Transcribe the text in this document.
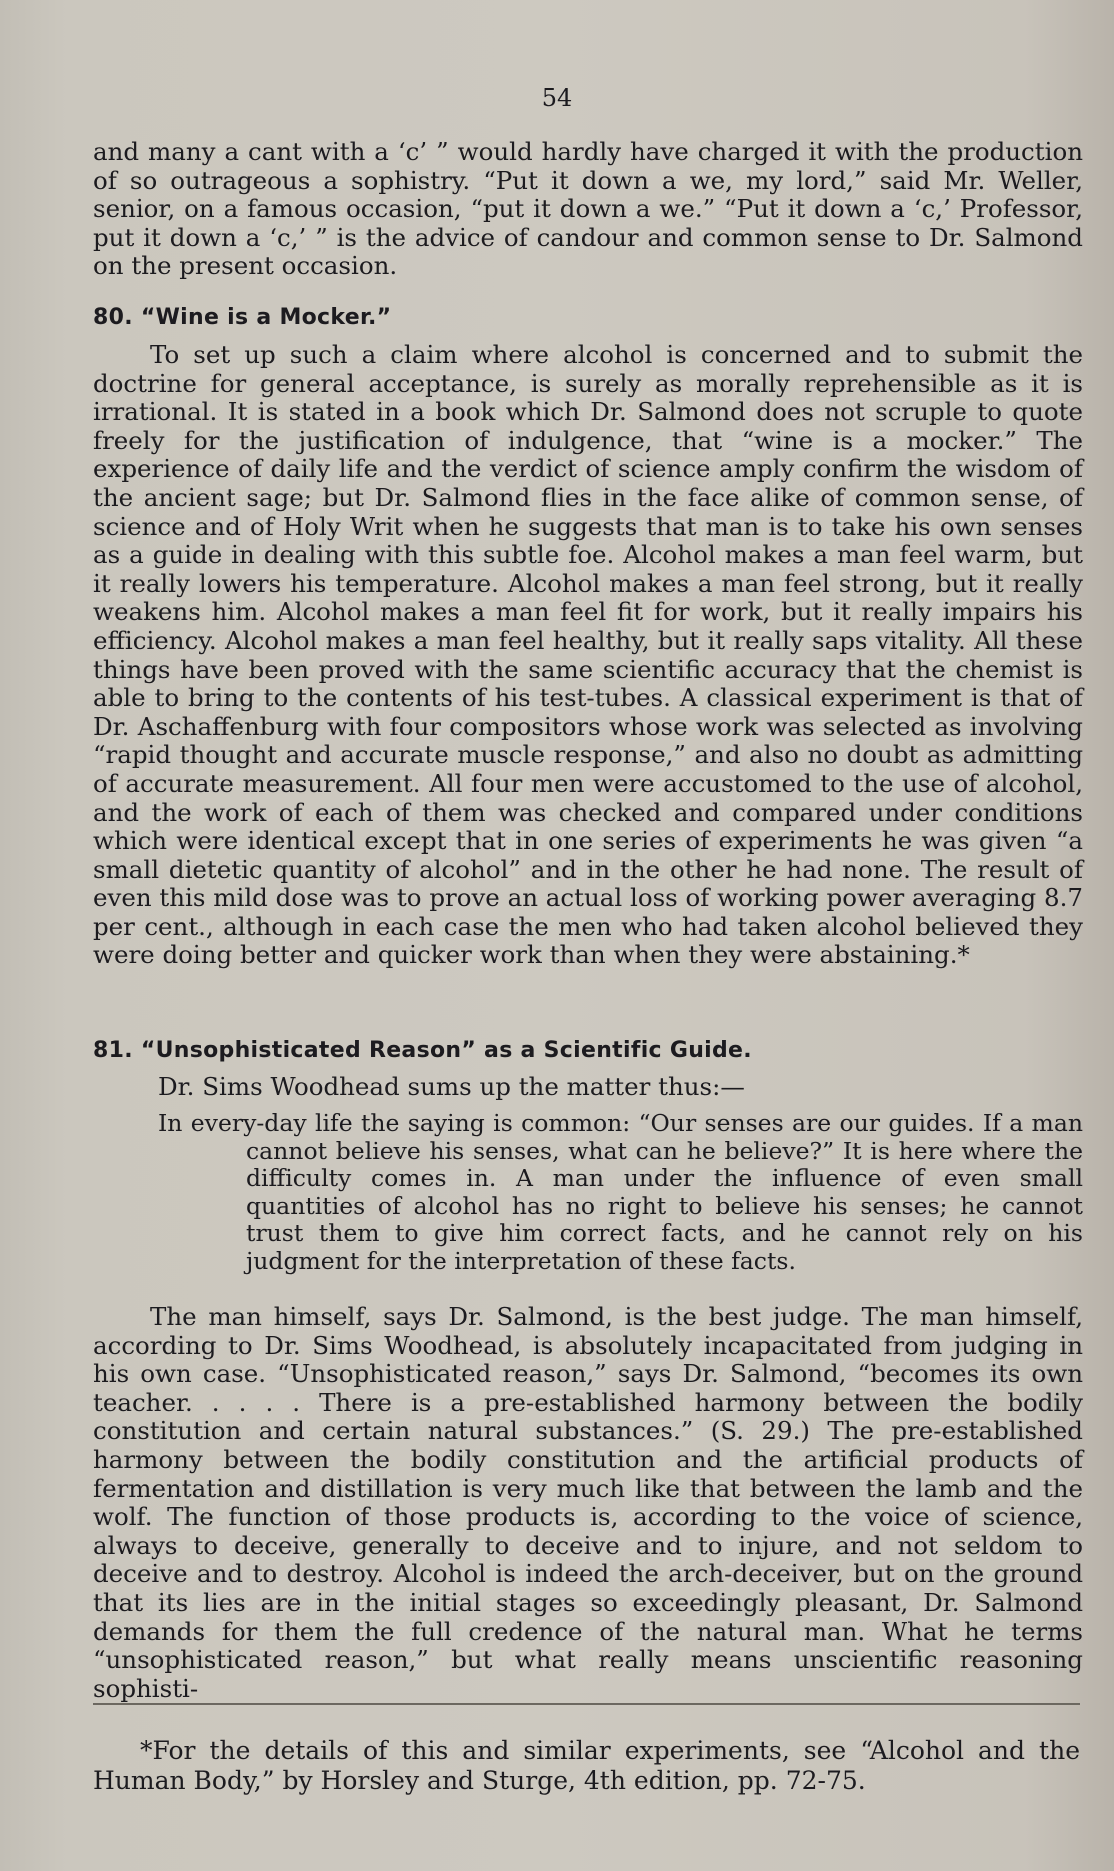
54

and many a cant with a ‘c’ ” would hardly have charged it with the production of so outrageous a sophistry. “Put it down a we, my lord,” said Mr. Weller, senior, on a famous occasion, “put it down a we.” “Put it down a ‘c,’ Professor, put it down a ‘c,’ ” is the advice of candour and common sense to Dr. Salmond on the present occasion.

80. “Wine is a Mocker.”

To set up such a claim where alcohol is concerned and to submit the doctrine for general acceptance, is surely as morally reprehensible as it is irrational. It is stated in a book which Dr. Salmond does not scruple to quote freely for the justification of indulgence, that “wine is a mocker.” The experience of daily life and the verdict of science amply confirm the wisdom of the ancient sage; but Dr. Salmond flies in the face alike of common sense, of science and of Holy Writ when he suggests that man is to take his own senses as a guide in dealing with this subtle foe. Alcohol makes a man feel warm, but it really lowers his temperature. Alcohol makes a man feel strong, but it really weakens him. Alcohol makes a man feel fit for work, but it really impairs his efficiency. Alcohol makes a man feel healthy, but it really saps vitality. All these things have been proved with the same scientific accuracy that the chemist is able to bring to the contents of his test-tubes. A classical experiment is that of Dr. Aschaffenburg with four compositors whose work was selected as involving “rapid thought and accurate muscle response,” and also no doubt as admitting of accurate measurement. All four men were accustomed to the use of alcohol, and the work of each of them was checked and compared under conditions which were identical except that in one series of experiments he was given “a small dietetic quantity of alcohol” and in the other he had none. The result of even this mild dose was to prove an actual loss of working power averaging 8.7 per cent., although in each case the men who had taken alcohol believed they were doing better and quicker work than when they were abstaining.*

81. “Unsophisticated Reason” as a Scientific Guide.

Dr. Sims Woodhead sums up the matter thus:—

In every-day life the saying is common: “Our senses are our guides. If a man cannot believe his senses, what can he believe?” It is here where the difficulty comes in. A man under the influence of even small quantities of alcohol has no right to believe his senses; he cannot trust them to give him correct facts, and he cannot rely on his judgment for the interpretation of these facts.

The man himself, says Dr. Salmond, is the best judge. The man himself, according to Dr. Sims Woodhead, is absolutely incapacitated from judging in his own case. “Unsophisticated reason,” says Dr. Salmond, “becomes its own teacher. . . . . There is a pre-established harmony between the bodily constitution and certain natural substances.” (S. 29.) The pre-established harmony between the bodily constitution and the artificial products of fermentation and distillation is very much like that between the lamb and the wolf. The function of those products is, according to the voice of science, always to deceive, generally to deceive and to injure, and not seldom to deceive and to destroy. Alcohol is indeed the arch-deceiver, but on the ground that its lies are in the initial stages so exceedingly pleasant, Dr. Salmond demands for them the full credence of the natural man. What he terms “unsophisticated reason,” but what really means unscientific reasoning sophisti-

*For the details of this and similar experiments, see “Alcohol and the Human Body,” by Horsley and Sturge, 4th edition, pp. 72-75.
